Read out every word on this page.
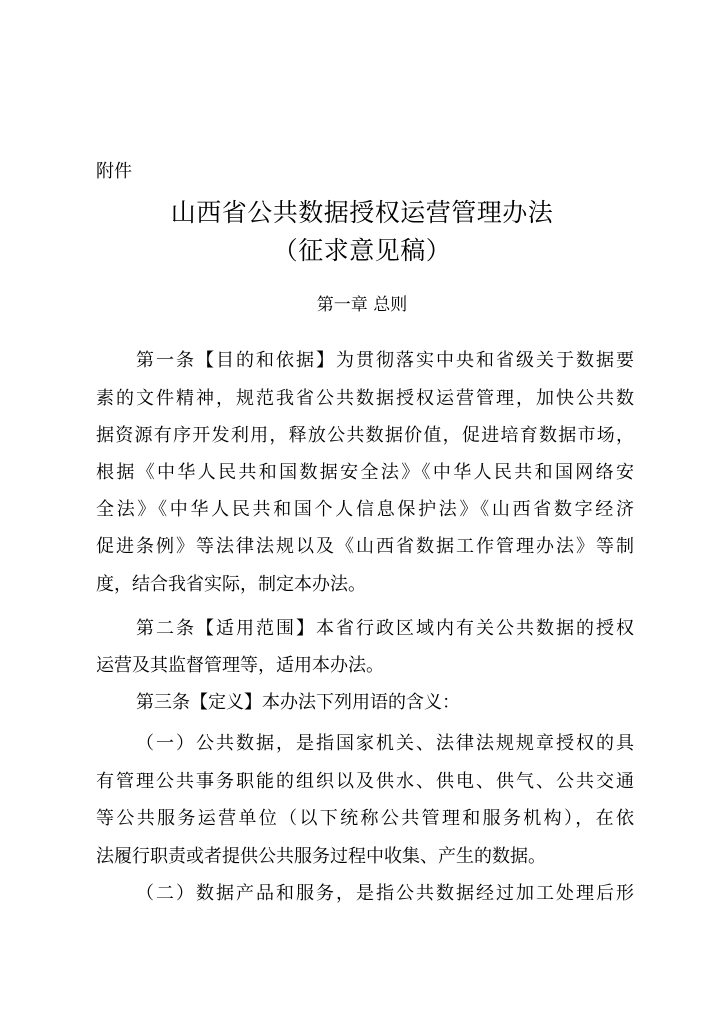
附件
山西省公共数据授权运营管理办法
（征求意见稿）
第一章 总则
第一条【目的和依据】为贯彻落实中央和省级关于数据要
素的文件精神，规范我省公共数据授权运营管理，加快公共数
据资源有序开发利用，释放公共数据价值，促进培育数据市场，
根据《中华人民共和国数据安全法》《中华人民共和国网络安
全法》《中华人民共和国个人信息保护法》《山西省数字经济
促进条例》等法律法规以及《山西省数据工作管理办法》等制
度，结合我省实际，制定本办法。
第二条【适用范围】本省行政区域内有关公共数据的授权
运营及其监督管理等，适用本办法。
第三条【定义】本办法下列用语的含义：
（一）公共数据，是指国家机关、法律法规规章授权的具
有管理公共事务职能的组织以及供水、供电、供气、公共交通
等公共服务运营单位（以下统称公共管理和服务机构），在依
法履行职责或者提供公共服务过程中收集、产生的数据。
（二）数据产品和服务，是指公共数据经过加工处理后形
